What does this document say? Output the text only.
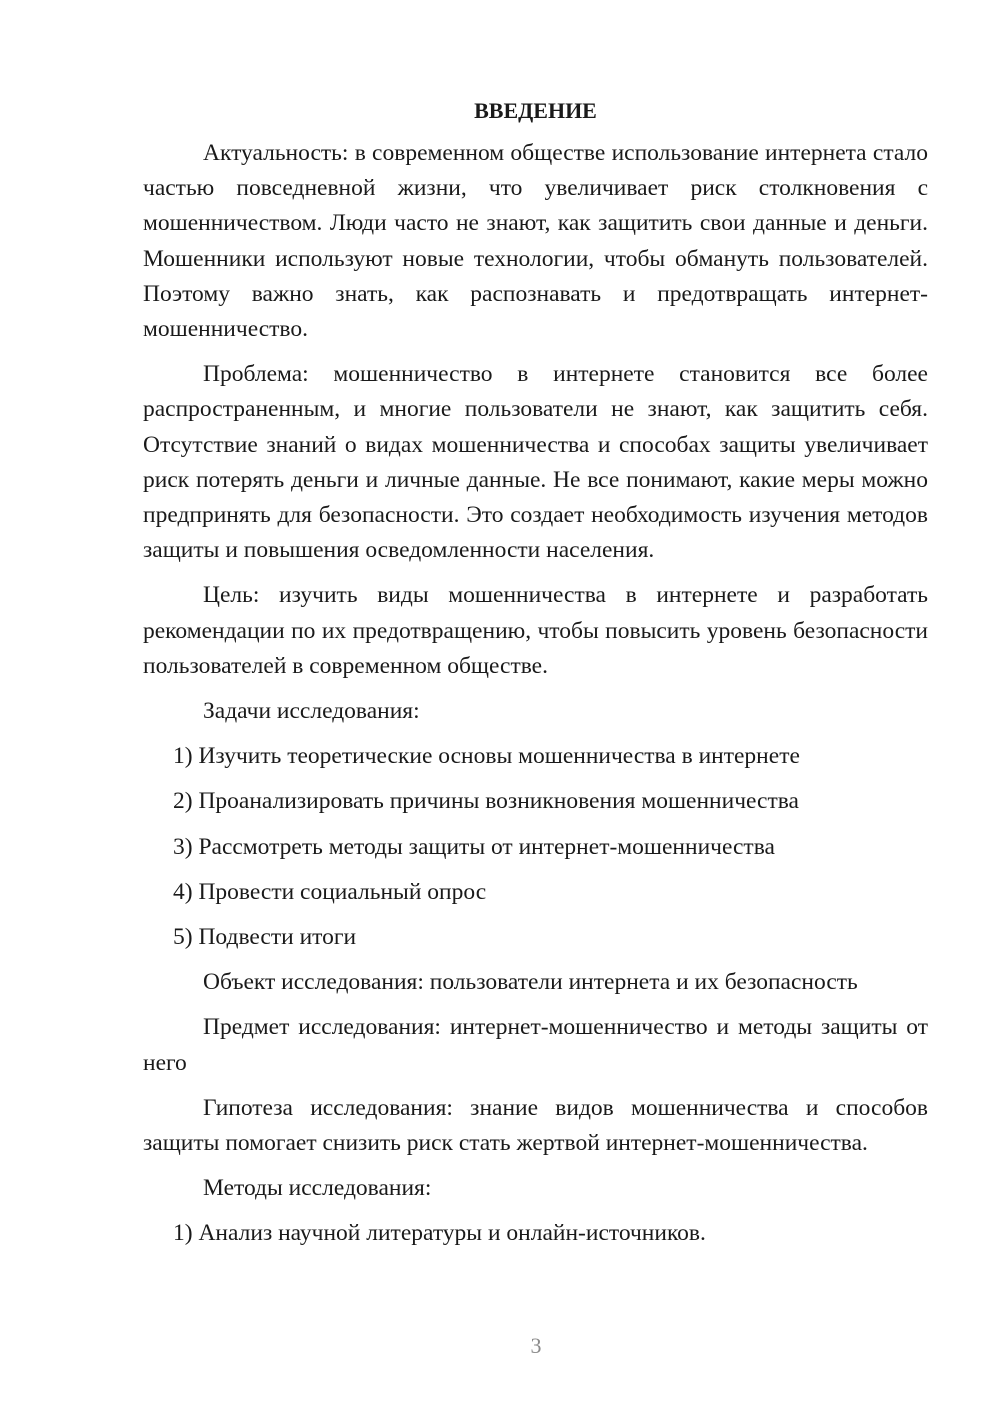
ВВЕДЕНИЕ

Актуальность: в современном обществе использование интернета стало частью повседневной жизни, что увеличивает риск столкновения с мошенничеством. Люди часто не знают, как защитить свои данные и деньги. Мошенники используют новые технологии, чтобы обмануть пользователей. Поэтому важно знать, как распознавать и предотвращать интернет-мошенничество.

Проблема: мошенничество в интернете становится все более распространенным, и многие пользователи не знают, как защитить себя. Отсутствие знаний о видах мошенничества и способах защиты увеличивает риск потерять деньги и личные данные. Не все понимают, какие меры можно предпринять для безопасности. Это создает необходимость изучения методов защиты и повышения осведомленности населения.

Цель: изучить виды мошенничества в интернете и разработать рекомендации по их предотвращению, чтобы повысить уровень безопасности пользователей в современном обществе.

Задачи исследования:
1) Изучить теоретические основы мошенничества в интернете
2) Проанализировать причины возникновения мошенничества
3) Рассмотреть методы защиты от интернет-мошенничества
4) Провести социальный опрос
5) Подвести итоги
Объект исследования: пользователи интернета и их безопасность

Предмет исследования: интернет-мошенничество и методы защиты от него

Гипотеза исследования: знание видов мошенничества и способов защиты помогает снизить риск стать жертвой интернет-мошенничества.

Методы исследования:
1) Анализ научной литературы и онлайн-источников.
3
